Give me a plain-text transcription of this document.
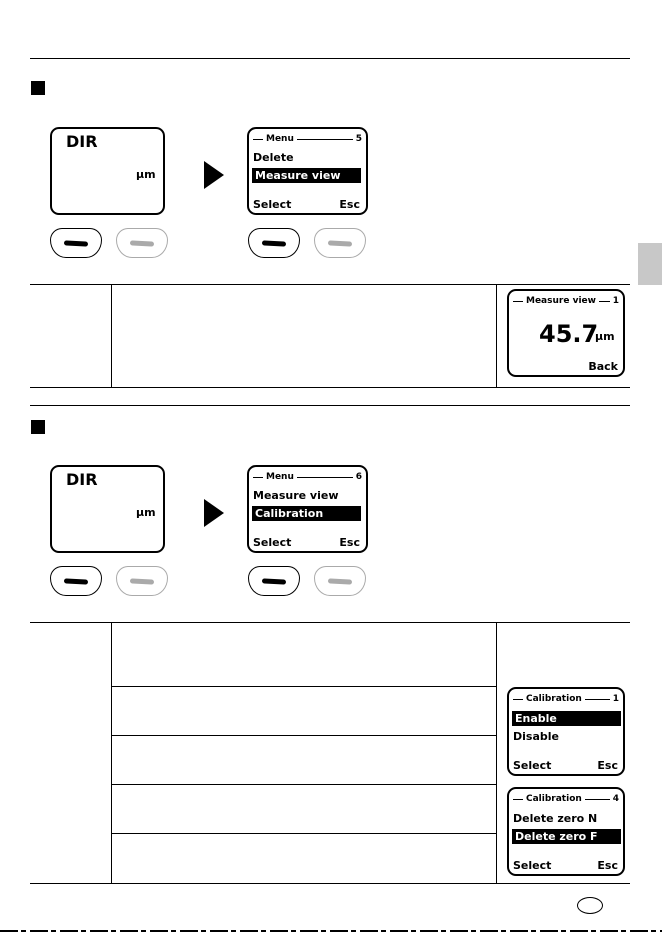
DIR
µm
Menu	5
Delete
Measure view
Select	Esc
Measure view 1
45.7
µm
Back
DIR
µm
Menu	6
Measure view
Calibration
Select	Esc
Calibration	1
Enable
Disable
Select	Esc
Calibration	4
Delete zero N
Delete zero F
Select	Esc
